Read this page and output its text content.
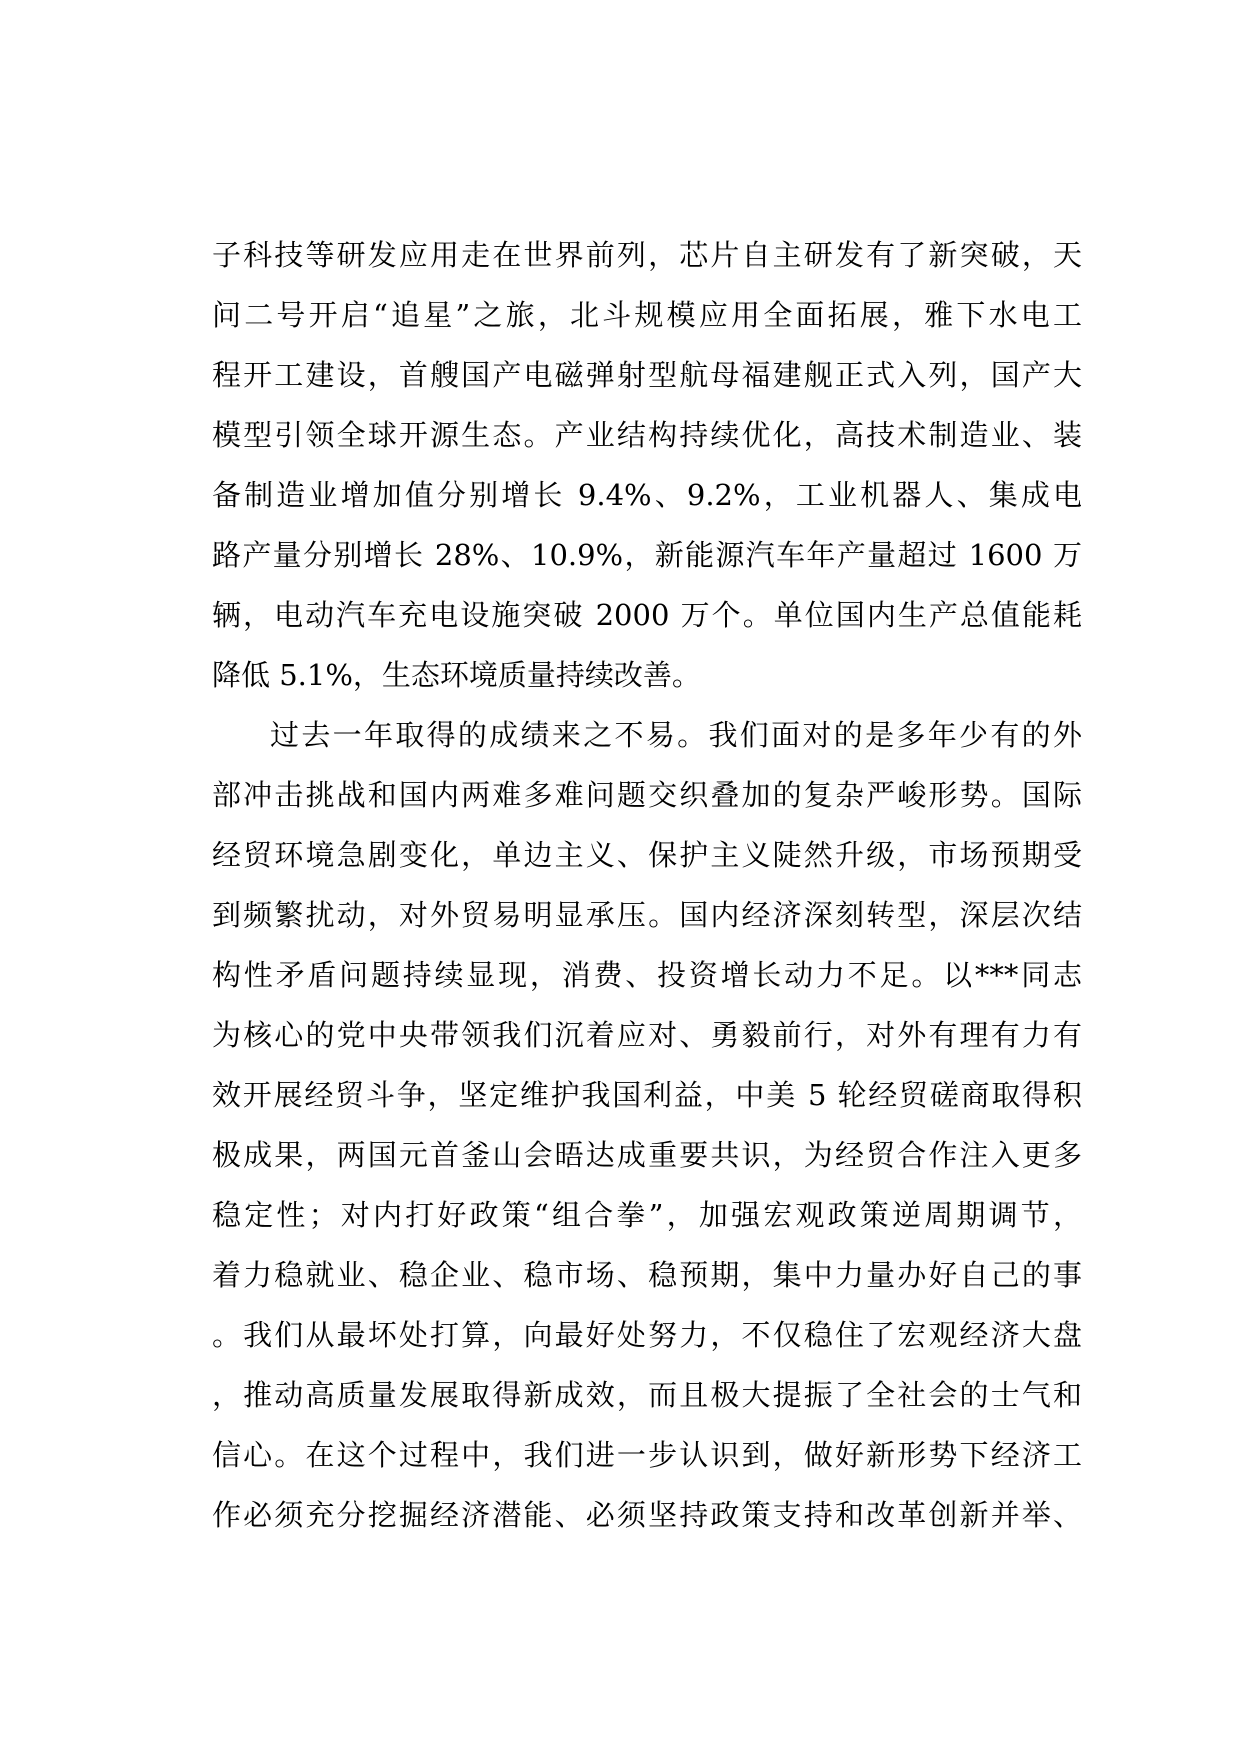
子科技等研发应用走在世界前列，芯片自主研发有了新突破，天
问二号开启“追星”之旅，北斗规模应用全面拓展，雅下水电工
程开工建设，首艘国产电磁弹射型航母福建舰正式入列，国产大
模型引领全球开源生态。产业结构持续优化，高技术制造业、装
备制造业增加值分别增长 9.4%、9.2%，工业机器人、集成电
路产量分别增长 28%、10.9%，新能源汽车年产量超过 1600 万
辆，电动汽车充电设施突破 2000 万个。单位国内生产总值能耗
降低 5.1%，生态环境质量持续改善。
过去一年取得的成绩来之不易。我们面对的是多年少有的外
部冲击挑战和国内两难多难问题交织叠加的复杂严峻形势。国际
经贸环境急剧变化，单边主义、保护主义陡然升级，市场预期受
到频繁扰动，对外贸易明显承压。国内经济深刻转型，深层次结
构性矛盾问题持续显现，消费、投资增长动力不足。以***同志
为核心的党中央带领我们沉着应对、勇毅前行，对外有理有力有
效开展经贸斗争，坚定维护我国利益，中美 5 轮经贸磋商取得积
极成果，两国元首釜山会晤达成重要共识，为经贸合作注入更多
稳定性；对内打好政策“组合拳”，加强宏观政策逆周期调节，
着力稳就业、稳企业、稳市场、稳预期，集中力量办好自己的事
。我们从最坏处打算，向最好处努力，不仅稳住了宏观经济大盘
，推动高质量发展取得新成效，而且极大提振了全社会的士气和
信心。在这个过程中，我们进一步认识到，做好新形势下经济工
作必须充分挖掘经济潜能、必须坚持政策支持和改革创新并举、
